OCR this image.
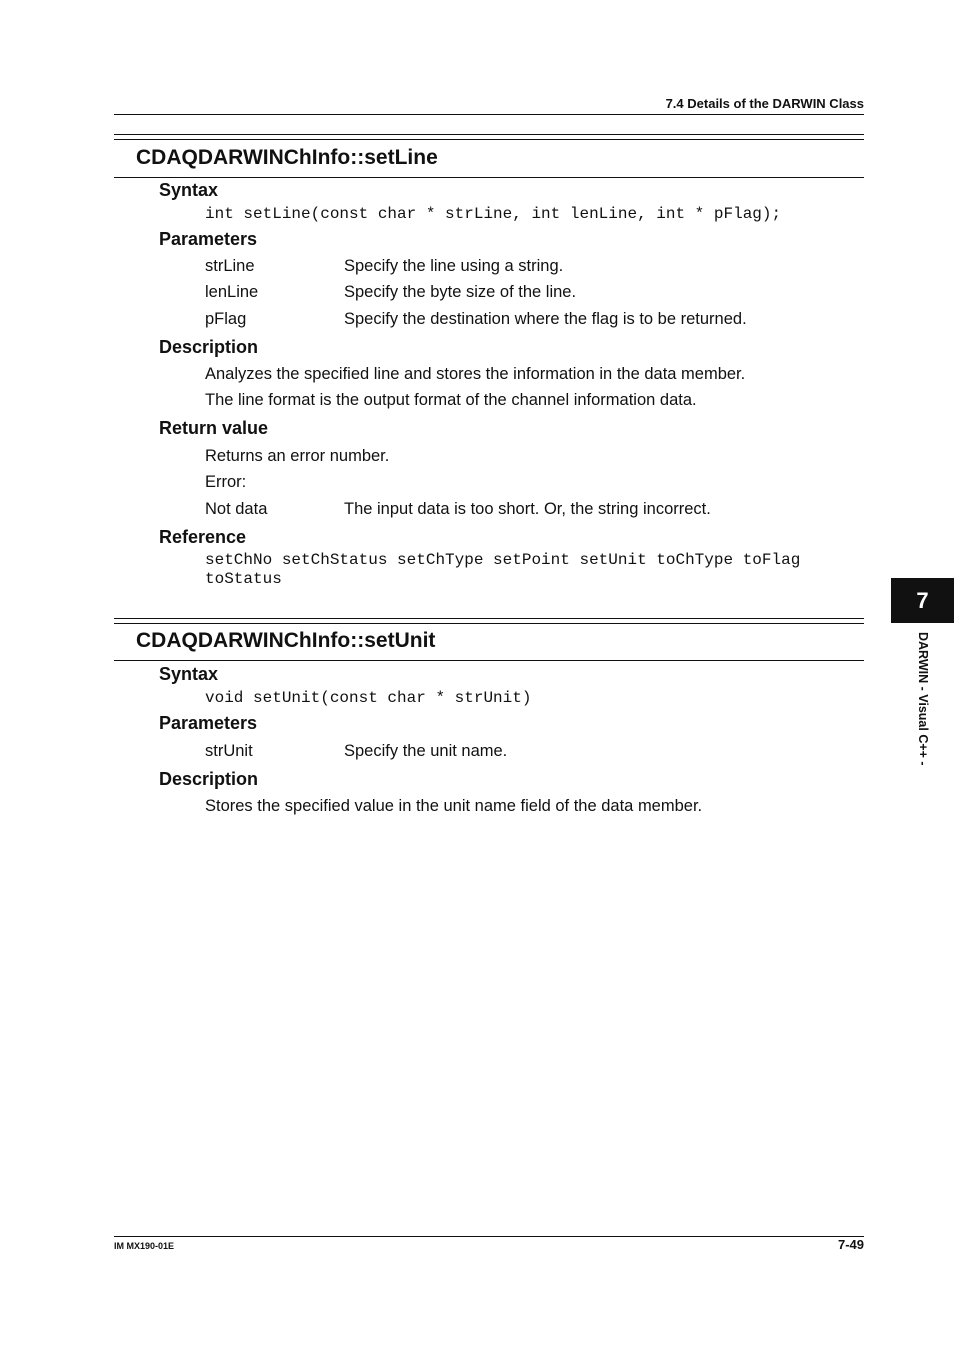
7.4 Details of the DARWIN Class
CDAQDARWINChInfo::setLine
Syntax
int setLine(const char * strLine, int lenLine, int * pFlag);
Parameters
strLine	Specify the line using a string.
lenLine	Specify the byte size of the line.
pFlag	Specify the destination where the flag is to be returned.
Description
Analyzes the specified line and stores the information in the data member.
The line format is the output format of the channel information data.
Return value
Returns an error number.
Error:
Not data	The input data is too short. Or, the string incorrect.
Reference
setChNo setChStatus setChType setPoint setUnit toChType toFlag
toStatus
CDAQDARWINChInfo::setUnit
Syntax
void setUnit(const char * strUnit)
Parameters
strUnit	Specify the unit name.
Description
Stores the specified value in the unit name field of the data member.
7
DARWIN - Visual C++ -
IM MX190-01E	7-49
